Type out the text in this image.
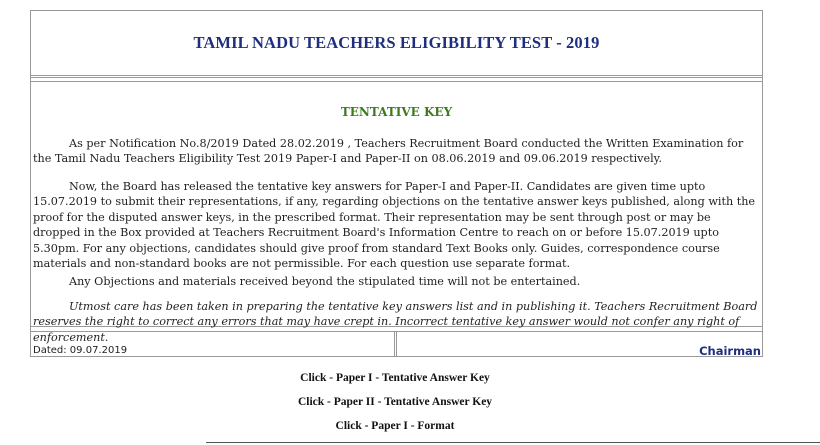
TAMIL NADU TEACHERS ELIGIBILITY TEST - 2019
TENTATIVE KEY

As per Notification No.8/2019 Dated 28.02.2019 , Teachers Recruitment Board conducted the Written Examination for the Tamil Nadu Teachers Eligibility Test 2019 Paper-I and Paper-II on 08.06.2019 and 09.06.2019 respectively.

Now, the Board has released the tentative key answers for Paper-I and Paper-II. Candidates are given time upto 15.07.2019 to submit their representations, if any, regarding objections on the tentative answer keys published, along with the proof for the disputed answer keys, in the prescribed format. Their representation may be sent through post or may be dropped in the Box provided at Teachers Recruitment Board's Information Centre to reach on or before 15.07.2019 upto 5.30pm. For any objections, candidates should give proof from standard Text Books only. Guides, correspondence course materials and non-standard books are not permissible. For each question use separate format.

Any Objections and materials received beyond the stipulated time will not be entertained.

Utmost care has been taken in preparing the tentative key answers list and in publishing it. Teachers Recruitment Board reserves the right to correct any errors that may have crept in. Incorrect tentative key answer would not confer any right of enforcement.

Dated: 09.07.2019	Chairman
Click - Paper I - Tentative Answer Key
Click - Paper II - Tentative Answer Key
Click - Paper I - Format
